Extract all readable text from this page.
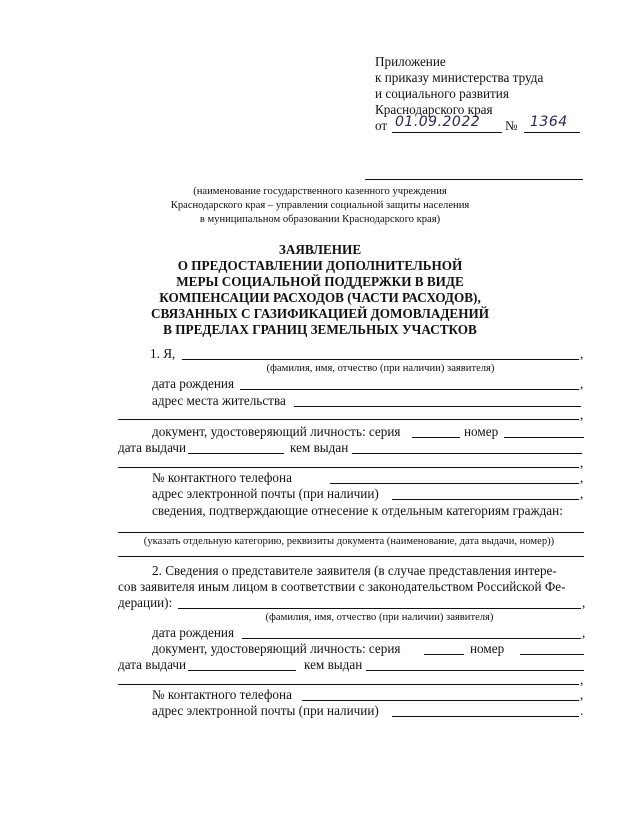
Приложение
к приказу министерства труда
и социального развития
Краснодарского края
от 01.09.2022 № 1364
(наименование государственного казенного учреждения
Краснодарского края – управления социальной защиты населения
в муниципальном образовании Краснодарского края)
ЗАЯВЛЕНИЕ
О ПРЕДОСТАВЛЕНИИ ДОПОЛНИТЕЛЬНОЙ
МЕРЫ СОЦИАЛЬНОЙ ПОДДЕРЖКИ В ВИДЕ
КОМПЕНСАЦИИ РАСХОДОВ (ЧАСТИ РАСХОДОВ),
СВЯЗАННЫХ С ГАЗИФИКАЦИЕЙ ДОМОВЛАДЕНИЙ
В ПРЕДЕЛАХ ГРАНИЦ ЗЕМЕЛЬНЫХ УЧАСТКОВ
1. Я,	,
(фамилия, имя, отчество (при наличии) заявителя)
дата рождения	,
адрес места жительства
,
документ, удостоверяющий личность: серия	номер
дата выдачи	кем выдан
,
№ контактного телефона	,
адрес электронной почты (при наличии)	,
сведения, подтверждающие отнесение к отдельным категориям граждан:
(указать отдельную категорию, реквизиты документа (наименование, дата выдачи, номер))
2. Сведения о представителе заявителя (в случае представления интере-
сов заявителя иным лицом в соответствии с законодательством Российской Фе-
дерации):	,
(фамилия, имя, отчество (при наличии) заявителя)
дата рождения	,
документ, удостоверяющий личность: серия	номер
дата выдачи	кем выдан
,
№ контактного телефона	,
адрес электронной почты (при наличии)	.
